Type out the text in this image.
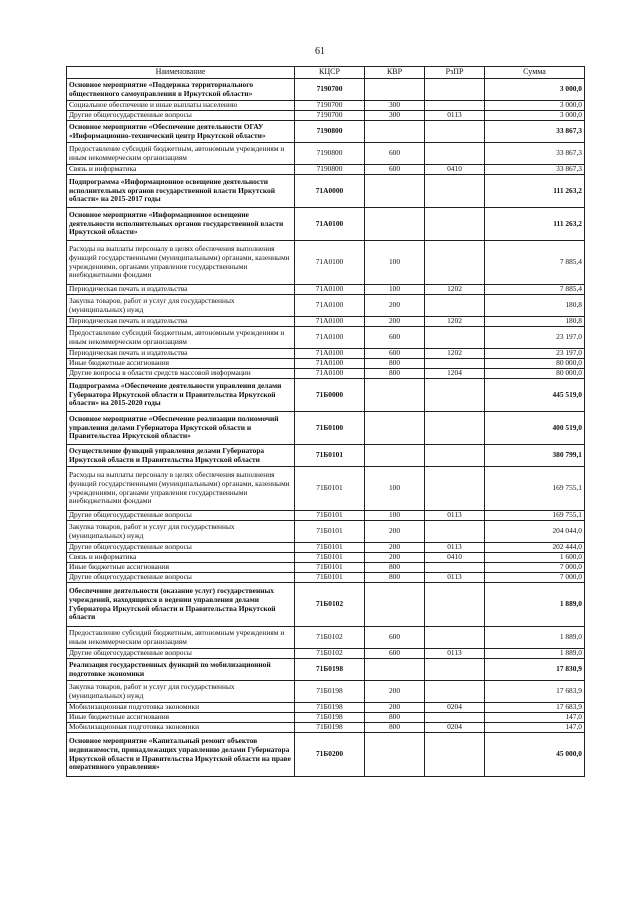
61
Наименование	КЦСР	КВР	РзПР	Сумма
Основное мероприятие «Поддержка территориального общественного самоуправления в Иркутской области»	7190700			3 000,0
Социальное обеспечение и иные выплаты населению	7190700	300		3 000,0
Другие общегосударственные вопросы	7190700	300	0113	3 000,0
Основное мероприятие «Обеспечение деятельности ОГАУ «Информационно-технический центр Иркутской области»	7190800			33 867,3
Предоставление субсидий бюджетным, автономным учреждениям и иным некоммерческим организациям	7190800	600		33 867,3
Связь и информатика	7190800	600	0410	33 867,3
Подпрограмма «Информационное освещение деятельности исполнительных органов государственной власти Иркутской области» на 2015-2017 годы	71А0000			111 263,2
Основное мероприятие «Информационное освещение деятельности исполнительных органов государственной власти Иркутской области»	71А0100			111 263,2
Расходы на выплаты персоналу в целях обеспечения выполнения функций государственными (муниципальными) органами, казенными учреждениями, органами управления государственными внебюджетными фондами	71А0100	100		7 885,4
Периодическая печать и издательства	71А0100	100	1202	7 885,4
Закупка товаров, работ и услуг для государственных (муниципальных) нужд	71А0100	200		180,8
Периодическая печать и издательства	71А0100	200	1202	180,8
Предоставление субсидий бюджетным, автономным учреждениям и иным некоммерческим организациям	71А0100	600		23 197,0
Периодическая печать и издательства	71А0100	600	1202	23 197,0
Иные бюджетные ассигнования	71А0100	800		80 000,0
Другие вопросы в области средств массовой информации	71А0100	800	1204	80 000,0
Подпрограмма «Обеспечение деятельности управления делами Губернатора Иркутской области и Правительства Иркутской области» на 2015-2020 годы	71Б0000			445 519,0
Основное мероприятие «Обеспечение реализации полномочий управления делами Губернатора Иркутской области и Правительства Иркутской области»	71Б0100			400 519,0
Осуществление функций управления делами Губернатора Иркутской области и Правительства Иркутской области	71Б0101			380 799,1
Расходы на выплаты персоналу в целях обеспечения выполнения функций государственными (муниципальными) органами, казенными учреждениями, органами управления государственными внебюджетными фондами	71Б0101	100		169 755,1
Другие общегосударственные вопросы	71Б0101	100	0113	169 755,1
Закупка товаров, работ и услуг для государственных (муниципальных) нужд	71Б0101	200		204 044,0
Другие общегосударственные вопросы	71Б0101	200	0113	202 444,0
Связь и информатика	71Б0101	200	0410	1 600,0
Иные бюджетные ассигнования	71Б0101	800		7 000,0
Другие общегосударственные вопросы	71Б0101	800	0113	7 000,0
Обеспечение деятельности (оказание услуг) государственных учреждений, находящихся в ведении управления делами Губернатора Иркутской области и Правительства Иркутской области	71Б0102			1 889,0
Предоставление субсидий бюджетным, автономным учреждениям и иным некоммерческим организациям	71Б0102	600		1 889,0
Другие общегосударственные вопросы	71Б0102	600	0113	1 889,0
Реализация государственных функций по мобилизационной подготовке экономики	71Б0198			17 830,9
Закупка товаров, работ и услуг для государственных (муниципальных) нужд	71Б0198	200		17 683,9
Мобилизационная подготовка экономики	71Б0198	200	0204	17 683,9
Иные бюджетные ассигнования	71Б0198	800		147,0
Мобилизационная подготовка экономики	71Б0198	800	0204	147,0
Основное мероприятие «Капитальный ремонт объектов недвижимости, принадлежащих управлению делами Губернатора Иркутской области и Правительства Иркутской области на праве оперативного управления»	71Б0200			45 000,0
